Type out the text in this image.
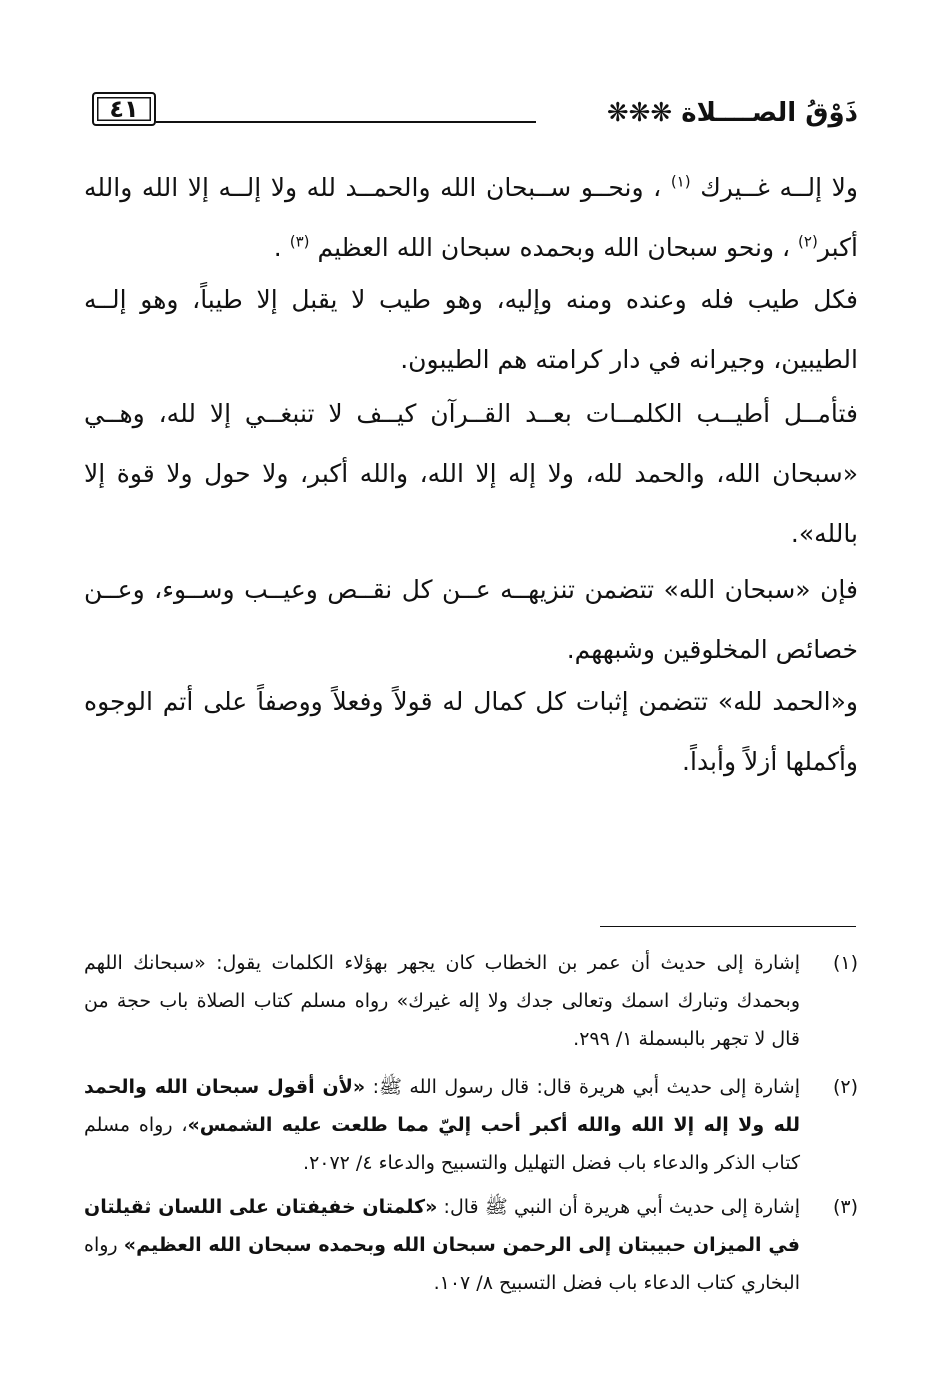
٤١	ذَوْقُ الصــــلاة ❋❋❋

ولا إلــه غــيرك $^{(١)}$ ، ونحــو ســبحان الله والحمــد لله ولا إلــه إلا الله والله أكبر$^{(٢)}$ ، ونحو سبحان الله وبحمده سبحان الله العظيم $^{(٣)}$ .

فكل طيب فله وعنده ومنه وإليه، وهو طيب لا يقبل إلا طيباً، وهو إلــه الطيبين، وجيرانه في دار كرامته هم الطيبون.

فتأمــل أطيــب الكلمــات بعــد القــرآن كيــف لا تنبغــي إلا لله، وهــي «سبحان الله، والحمد لله، ولا إله إلا الله، والله أكبر، ولا حول ولا قوة إلا بالله».

فإن «سبحان الله» تتضمن تنزيهــه عــن كل نقــص وعيــب وســوء، وعــن خصائص المخلوقين وشبههم.

و«الحمد لله» تتضمن إثبات كل كمال له قولاً وفعلاً ووصفاً على أتم الوجوه وأكملها أزلاً وأبداً.

(١)
إشارة إلى حديث أن عمر بن الخطاب كان يجهر بهؤلاء الكلمات يقول: «سبحانك اللهم وبحمدك وتبارك اسمك وتعالى جدك ولا إله غيرك» رواه مسلم كتاب الصلاة باب حجة من قال لا تجهر بالبسملة ١/ ٢٩٩.
(٢)
إشارة إلى حديث أبي هريرة قال: قال رسول الله ﷺ: «لأن أقول سبحان الله والحمد لله ولا إله إلا الله والله أكبر أحب إليّ مما طلعت عليه الشمس»، رواه مسلم كتاب الذكر والدعاء باب فضل التهليل والتسبيح والدعاء ٤/ ٢٠٧٢.
(٣)
إشارة إلى حديث أبي هريرة أن النبي ﷺ قال: «كلمتان خفيفتان على اللسان ثقيلتان في الميزان حبيبتان إلى الرحمن سبحان الله وبحمده سبحان الله العظيم» رواه البخاري كتاب الدعاء باب فضل التسبيح ٨/ ١٠٧.
